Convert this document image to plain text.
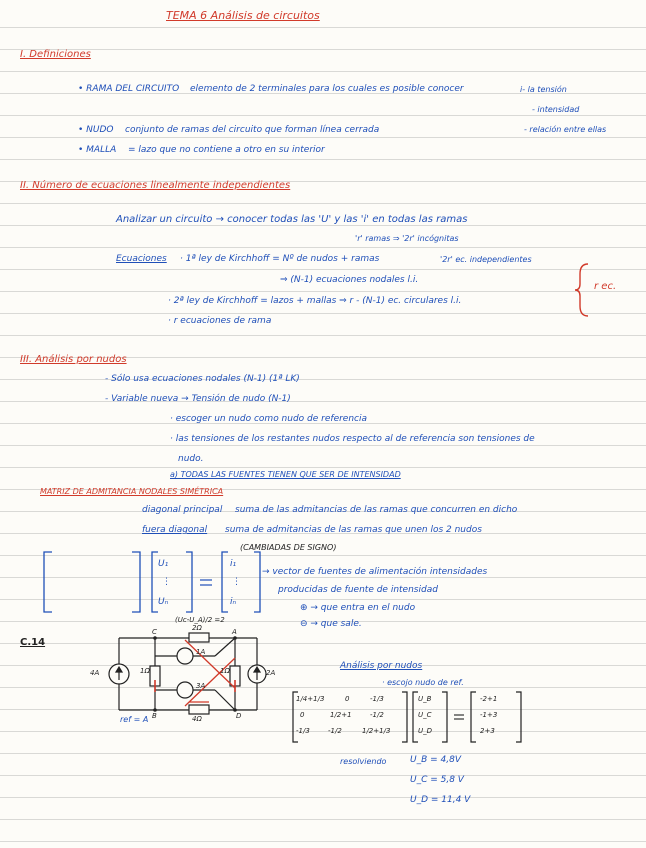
TEMA 6 Análisis de circuitos
I. Definiciones
• RAMA DEL CIRCUITO elemento de 2 terminales para los cuales es posible conocer	i- la tensión
- intensidad
- relación entre ellas
• NUDO conjunto de ramas del circuito que forman línea cerrada
• MALLA = lazo que no contiene a otro en su interior
II. Número de ecuaciones linealmente independientes
Analizar un circuito → conocer todas las 'U' y las 'i' en todas las ramas
'r' ramas ⇒ '2r' incógnitas
Ecuaciones · 1ª ley de Kirchhoff = Nº de nudos + ramas	'2r' ec. independientes
⇒ (N-1) ecuaciones nodales l.i.
· 2ª ley de Kirchhoff = lazos + mallas ⇒ r - (N-1) ec. circulares l.i.
· r ecuaciones de rama
r ec.
III. Análisis por nudos
- Sólo usa ecuaciones nodales (N-1) (1ª LK)
- Variable nueva → Tensión de nudo (N-1)
· escoger un nudo como nudo de referencia
· las tensiones de los restantes nudos respecto al de referencia son tensiones de
nudo.
a) TODAS LAS FUENTES TIENEN QUE SER DE INTENSIDAD
MATRIZ DE ADMITANCIA NODALES SIMÉTRICA
diagonal principal suma de las admitancias de las ramas que concurren en dicho
fuera diagonal suma de admitancias de las ramas que unen los 2 nudos
(CAMBIADAS DE SIGNO)
U₁
⋮
Uₙ
i₁
⋮
iₙ
→ vector de fuentes de alimentación intensidades
producidas de fuente de intensidad
⊕ → que entra en el nudo
⊖ → que sale.
C.14
C	A
B	D
2Ω
1Ω	1Ω
4Ω
4A
1A
3A
2A
(Uc-U_A)/2 =2
ref = A
Análisis por nudos
· escojo nudo de ref.
1/4+1/3	0	-1/3
0	1/2+1	-1/2
-1/3	-1/2	1/2+1/3
U_B
U_C
U_D
-2+1
-1+3
2+3
resolviendo	U_B = 4,8V
U_C = 5,8 V
U_D = 11,4 V
